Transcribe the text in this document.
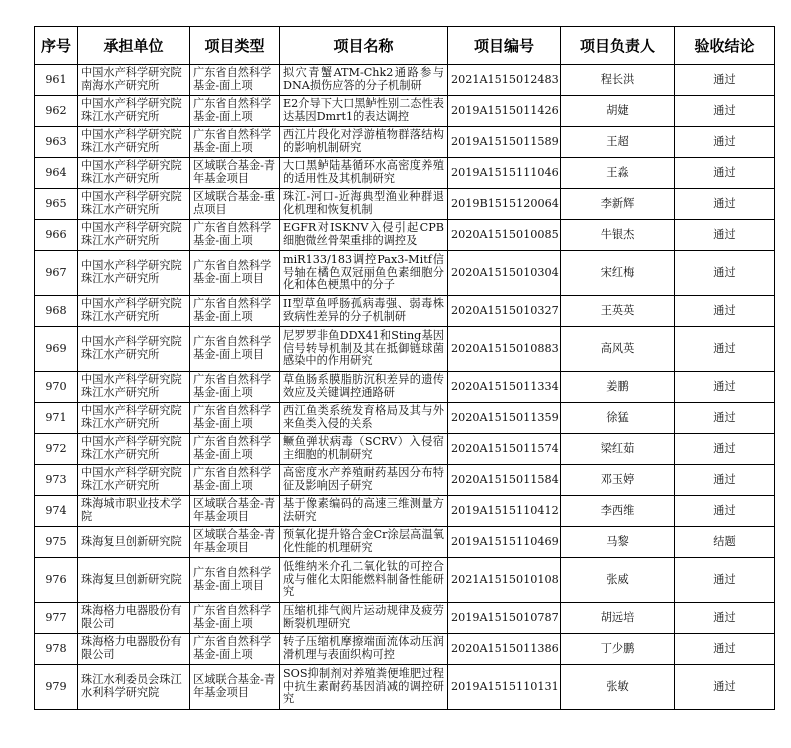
序号	承担单位	项目类型	项目名称	项目编号	项目负责人	验收结论
961	中国水产科学研究院南海水产研究所	广东省自然科学基金-面上项	拟穴青蟹ATM-Chk2通路参与DNA损伤应答的分子机制研	2021A1515012483	程长洪	通过
962	中国水产科学研究院珠江水产研究所	广东省自然科学基金-面上项	E2介导下大口黑鲈性别二态性表达基因Dmrt1的表达调控	2019A1515011426	胡婕	通过
963	中国水产科学研究院珠江水产研究所	广东省自然科学基金-面上项	西江片段化对浮游植物群落结构的影响机制研究	2019A1515011589	王超	通过
964	中国水产科学研究院珠江水产研究所	区域联合基金-青年基金项目	大口黑鲈陆基循环水高密度养殖的适用性及其机制研究	2019A1515111046	王淼	通过
965	中国水产科学研究院珠江水产研究所	区域联合基金-重点项目	珠江-河口-近海典型渔业种群退化机理和恢复机制	2019B1515120064	李新辉	通过
966	中国水产科学研究院珠江水产研究所	广东省自然科学基金-面上项	EGFR对ISKNV入侵引起CPB细胞微丝骨架重排的调控及	2020A1515010085	牛银杰	通过
967	中国水产科学研究院珠江水产研究所	广东省自然科学基金-面上项目	miR133/183调控Pax3-Mitf信号轴在橘色双冠丽鱼色素细胞分化和体色梗黑中的分子	2020A1515010304	宋红梅	通过
968	中国水产科学研究院珠江水产研究所	广东省自然科学基金-面上项	II型草鱼呼肠孤病毒强、弱毒株致病性差异的分子机制研	2020A1515010327	王英英	通过
969	中国水产科学研究院珠江水产研究所	广东省自然科学基金-面上项目	尼罗罗非鱼DDX41和Sting基因信号转导机制及其在抵御链球菌感染中的作用研究	2020A1515010883	高风英	通过
970	中国水产科学研究院珠江水产研究所	广东省自然科学基金-面上项	草鱼肠系膜脂肪沉积差异的遗传效应及关键调控通路研	2020A1515011334	姜鹏	通过
971	中国水产科学研究院珠江水产研究所	广东省自然科学基金-面上项	西江鱼类系统发育格局及其与外来鱼类入侵的关系	2020A1515011359	徐猛	通过
972	中国水产科学研究院珠江水产研究所	广东省自然科学基金-面上项	鳜鱼弹状病毒（SCRV）入侵宿主细胞的机制研究	2020A1515011574	梁红茹	通过
973	中国水产科学研究院珠江水产研究所	广东省自然科学基金-面上项	高密度水产养殖耐药基因分布特征及影响因子研究	2020A1515011584	邓玉婷	通过
974	珠海城市职业技术学院	区域联合基金-青年基金项目	基于像素编码的高速三维测量方法研究	2019A1515110412	李西维	通过
975	珠海复旦创新研究院	区域联合基金-青年基金项目	预氧化提升铬合金Cr涂层高温氧化性能的机理研究	2019A1515110469	马黎	结题
976	珠海复旦创新研究院	广东省自然科学基金-面上项目	低维纳米介孔二氧化钛的可控合成与催化太阳能燃料制备性能研究	2021A1515010108	张威	通过
977	珠海格力电器股份有限公司	广东省自然科学基金-面上项	压缩机排气阀片运动规律及疲劳断裂机理研究	2019A1515010787	胡远培	通过
978	珠海格力电器股份有限公司	广东省自然科学基金-面上项	转子压缩机摩擦端面流体动压润滑机理与表面织构可控	2020A1515011386	丁少鹏	通过
979	珠江水利委员会珠江水利科学研究院	区域联合基金-青年基金项目	SOS抑制剂对养殖粪便堆肥过程中抗生素耐药基因消减的调控研究	2019A1515110131	张敏	通过
